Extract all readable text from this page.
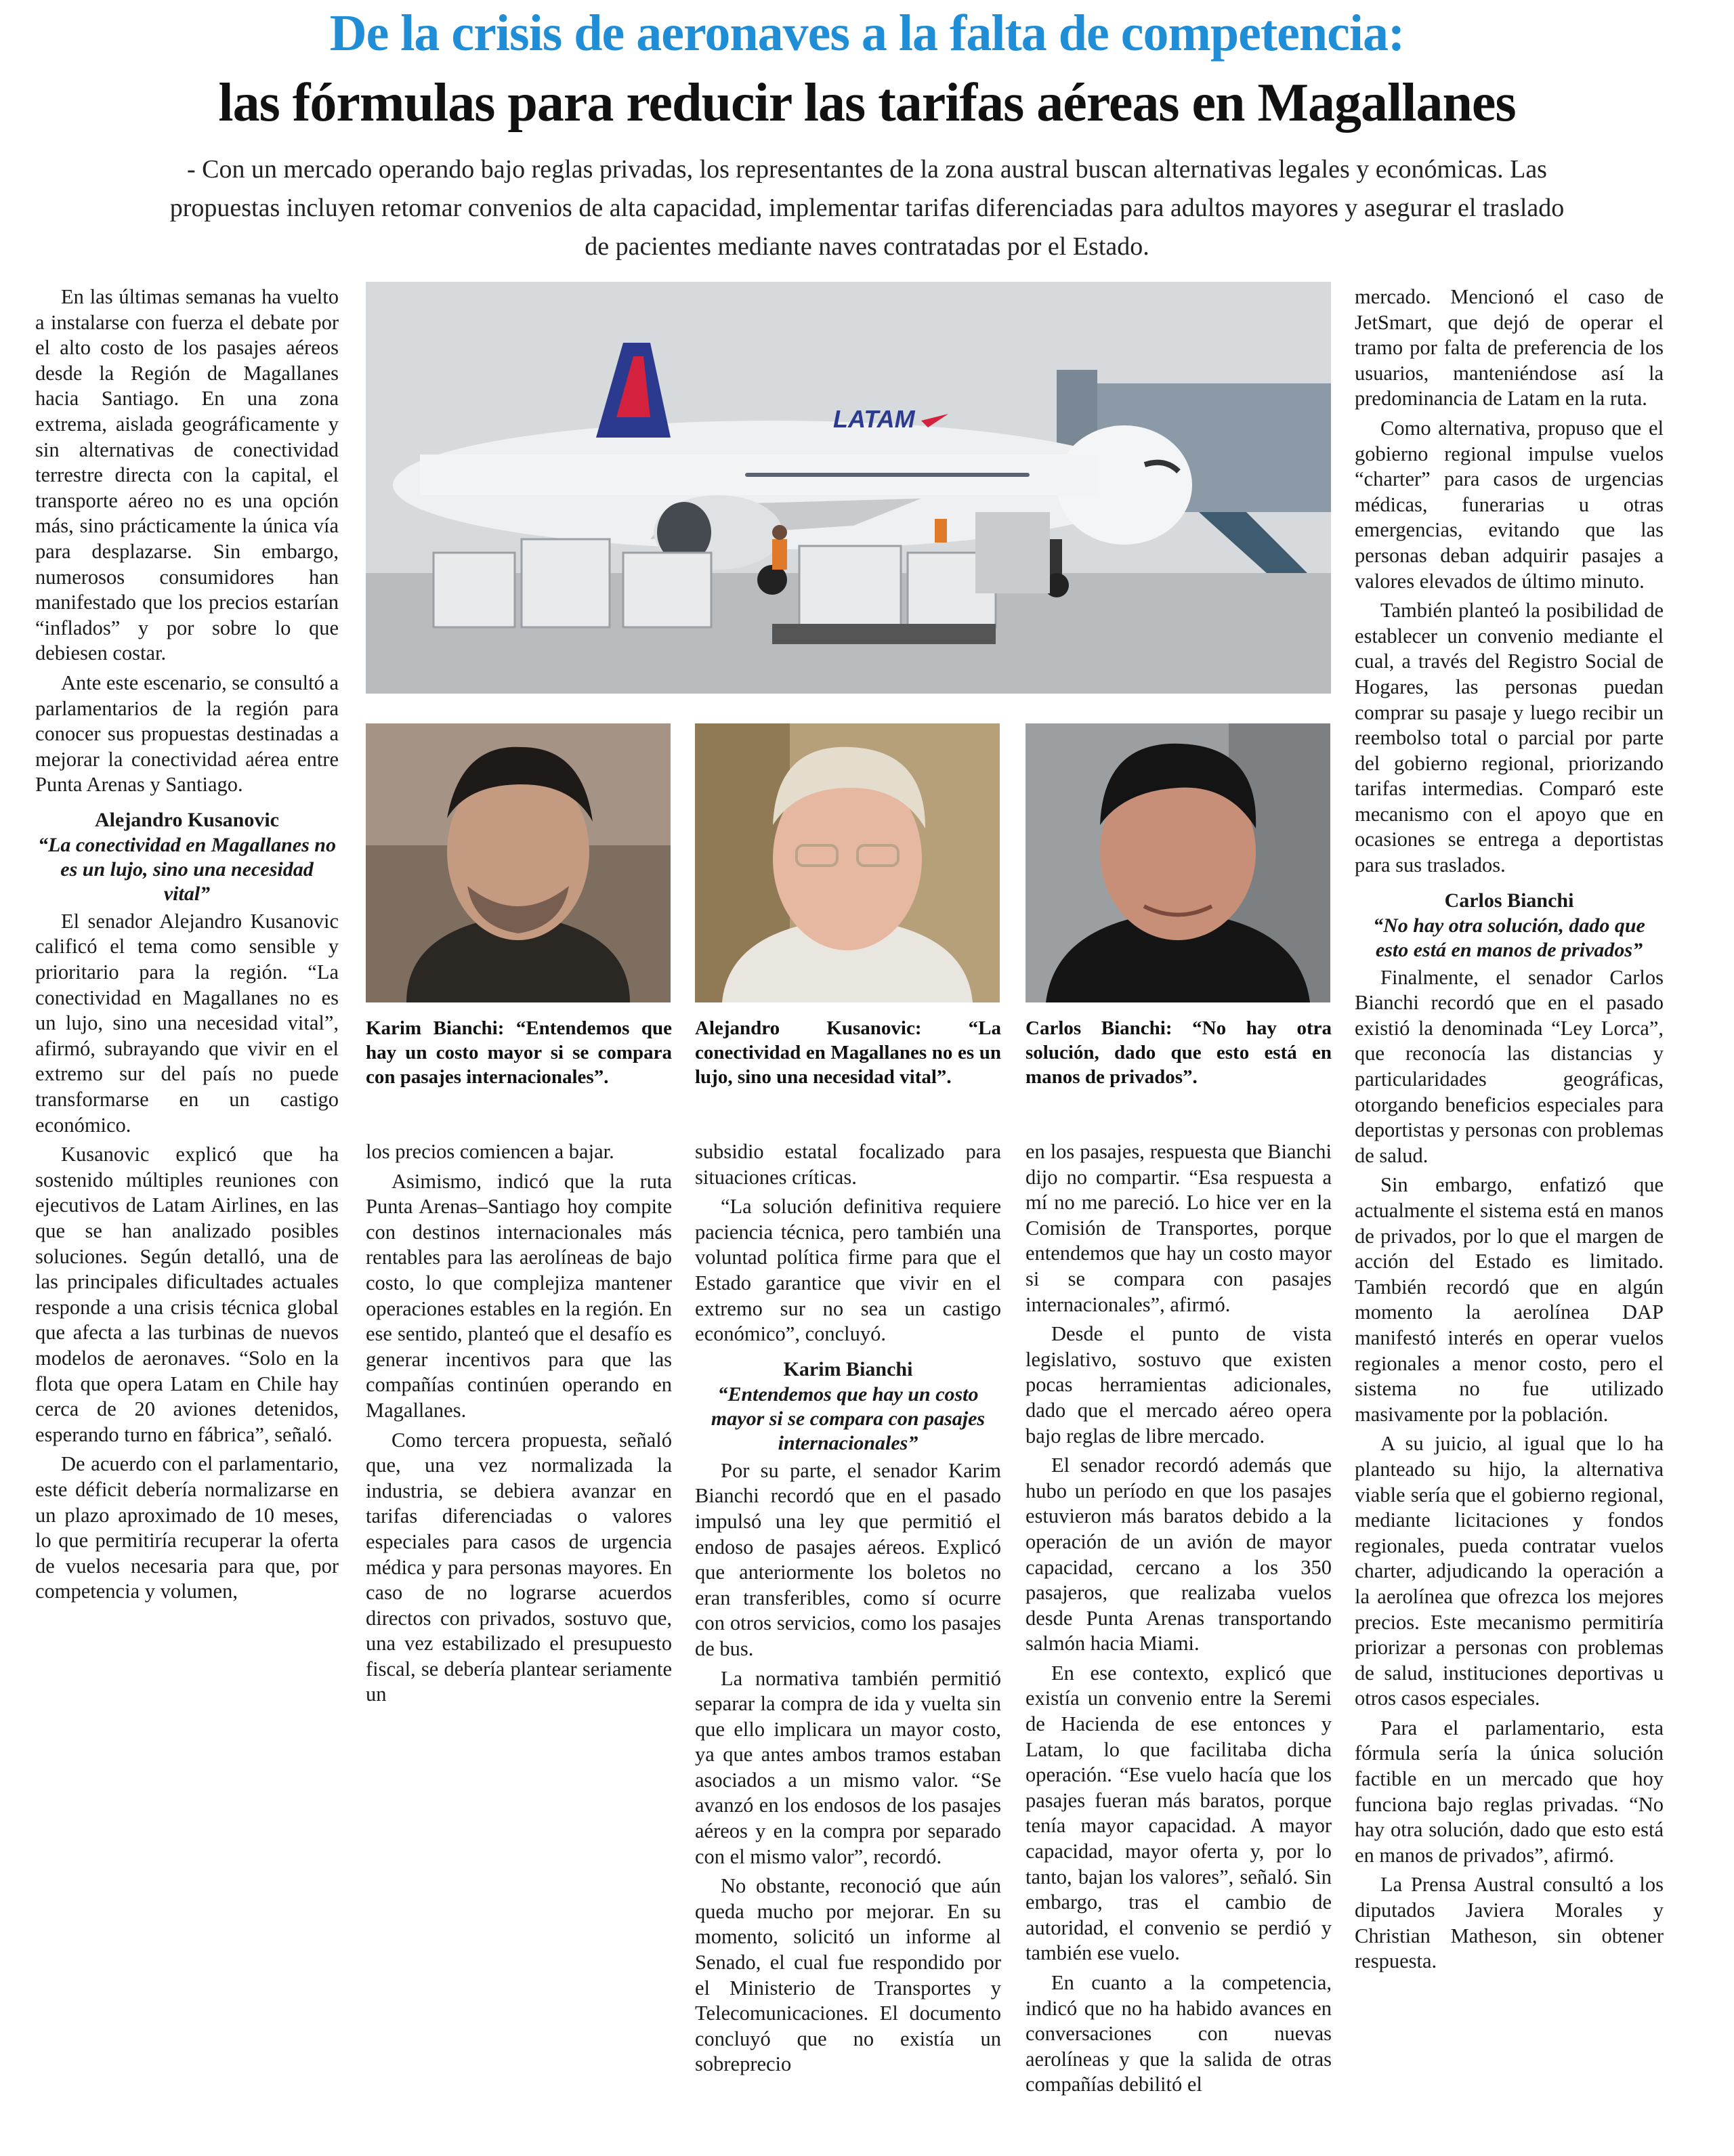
De la crisis de aeronaves a la falta de competencia:
las fórmulas para reducir las tarifas aéreas en Magallanes
- Con un mercado operando bajo reglas privadas, los representantes de la zona austral buscan alternativas legales y económicas. Las propuestas incluyen retomar convenios de alta capacidad, implementar tarifas diferenciadas para adultos mayores y asegurar el traslado de pacientes mediante naves contratadas por el Estado.
LATAM
Karim Bianchi: “Entendemos que hay un costo mayor si se compara con pasajes internacionales”.
Alejandro Kusanovic: “La conectividad en Magallanes no es un lujo, sino una necesidad vital”.
Carlos Bianchi: “No hay otra solución, dado que esto está en manos de privados”.

En las últimas semanas ha vuelto a instalarse con fuerza el debate por el alto costo de los pasajes aéreos desde la Región de Magallanes hacia Santiago. En una zona extrema, aislada geográficamente y sin alternativas de conectividad terrestre directa con la capital, el transporte aéreo no es una opción más, sino prácticamente la única vía para desplazarse. Sin embargo, numerosos consumidores han manifestado que los precios estarían “inflados” y por sobre lo que debiesen costar.

Ante este escenario, se consultó a parlamentarios de la región para conocer sus propuestas destinadas a mejorar la conectividad aérea entre Punta Arenas y Santiago.

Alejandro Kusanovic
“La conectividad en Magallanes no es un lujo, sino una necesidad vital”

El senador Alejandro Kusanovic calificó el tema como sensible y prioritario para la región. “La conectividad en Magallanes no es un lujo, sino una necesidad vital”, afirmó, subrayando que vivir en el extremo sur del país no puede transformarse en un castigo económico.

Kusanovic explicó que ha sostenido múltiples reuniones con ejecutivos de Latam Airlines, en las que se han analizado posibles soluciones. Según detalló, una de las principales dificultades actuales responde a una crisis técnica global que afecta a las turbinas de nuevos modelos de aeronaves. “Solo en la flota que opera Latam en Chile hay cerca de 20 aviones detenidos, esperando turno en fábrica”, señaló.

De acuerdo con el parlamentario, este déficit debería normalizarse en un plazo aproximado de 10 meses, lo que permitiría recuperar la oferta de vuelos necesaria para que, por competencia y volumen,

los precios comiencen a bajar.

Asimismo, indicó que la ruta Punta Arenas–Santiago hoy compite con destinos internacionales más rentables para las aerolíneas de bajo costo, lo que complejiza mantener operaciones estables en la región. En ese sentido, planteó que el desafío es generar incentivos para que las compañías continúen operando en Magallanes.

Como tercera propuesta, señaló que, una vez normalizada la industria, se debiera avanzar en tarifas diferenciadas o valores especiales para casos de urgencia médica y para personas mayores. En caso de no lograrse acuerdos directos con privados, sostuvo que, una vez estabilizado el presupuesto fiscal, se debería plantear seriamente un

subsidio estatal focalizado para situaciones críticas.

“La solución definitiva requiere paciencia técnica, pero también una voluntad política firme para que el Estado garantice que vivir en el extremo sur no sea un castigo económico”, concluyó.

Karim Bianchi
“Entendemos que hay un costo mayor si se compara con pasajes internacionales”

Por su parte, el senador Karim Bianchi recordó que en el pasado impulsó una ley que permitió el endoso de pasajes aéreos. Explicó que anteriormente los boletos no eran transferibles, como sí ocurre con otros servicios, como los pasajes de bus.

La normativa también permitió separar la compra de ida y vuelta sin que ello implicara un mayor costo, ya que antes ambos tramos estaban asociados a un mismo valor. “Se avanzó en los endosos de los pasajes aéreos y en la compra por separado con el mismo valor”, recordó.

No obstante, reconoció que aún queda mucho por mejorar. En su momento, solicitó un informe al Senado, el cual fue respondido por el Ministerio de Transportes y Telecomunicaciones. El documento concluyó que no existía un sobreprecio

en los pasajes, respuesta que Bianchi dijo no compartir. “Esa respuesta a mí no me pareció. Lo hice ver en la Comisión de Transportes, porque entendemos que hay un costo mayor si se compara con pasajes internacionales”, afirmó.

Desde el punto de vista legislativo, sostuvo que existen pocas herramientas adicionales, dado que el mercado aéreo opera bajo reglas de libre mercado.

El senador recordó además que hubo un período en que los pasajes estuvieron más baratos debido a la operación de un avión de mayor capacidad, cercano a los 350 pasajeros, que realizaba vuelos desde Punta Arenas transportando salmón hacia Miami.

En ese contexto, explicó que existía un convenio entre la Seremi de Hacienda de ese entonces y Latam, lo que facilitaba dicha operación. “Ese vuelo hacía que los pasajes fueran más baratos, porque tenía mayor capacidad. A mayor capacidad, mayor oferta y, por lo tanto, bajan los valores”, señaló. Sin embargo, tras el cambio de autoridad, el convenio se perdió y también ese vuelo.

En cuanto a la competencia, indicó que no ha habido avances en conversaciones con nuevas aerolíneas y que la salida de otras compañías debilitó el

mercado. Mencionó el caso de JetSmart, que dejó de operar el tramo por falta de preferencia de los usuarios, manteniéndose así la predominancia de Latam en la ruta.

Como alternativa, propuso que el gobierno regional impulse vuelos “charter” para casos de urgencias médicas, funerarias u otras emergencias, evitando que las personas deban adquirir pasajes a valores elevados de último minuto.

También planteó la posibilidad de establecer un convenio mediante el cual, a través del Registro Social de Hogares, las personas puedan comprar su pasaje y luego recibir un reembolso total o parcial por parte del gobierno regional, priorizando tarifas intermedias. Comparó este mecanismo con el apoyo que en ocasiones se entrega a deportistas para sus traslados.

Carlos Bianchi
“No hay otra solución, dado que esto está en manos de privados”

Finalmente, el senador Carlos Bianchi recordó que en el pasado existió la denominada “Ley Lorca”, que reconocía las distancias y particularidades geográficas, otorgando beneficios especiales para deportistas y personas con problemas de salud.

Sin embargo, enfatizó que actualmente el sistema está en manos de privados, por lo que el margen de acción del Estado es limitado. También recordó que en algún momento la aerolínea DAP manifestó interés en operar vuelos regionales a menor costo, pero el sistema no fue utilizado masivamente por la población.

A su juicio, al igual que lo ha planteado su hijo, la alternativa viable sería que el gobierno regional, mediante licitaciones y fondos regionales, pueda contratar vuelos charter, adjudicando la operación a la aerolínea que ofrezca los mejores precios. Este mecanismo permitiría priorizar a personas con problemas de salud, instituciones deportivas u otros casos especiales.

Para el parlamentario, esta fórmula sería la única solución factible en un mercado que hoy funciona bajo reglas privadas. “No hay otra solución, dado que esto está en manos de privados”, afirmó.

La Prensa Austral consultó a los diputados Javiera Morales y Christian Matheson, sin obtener respuesta.
